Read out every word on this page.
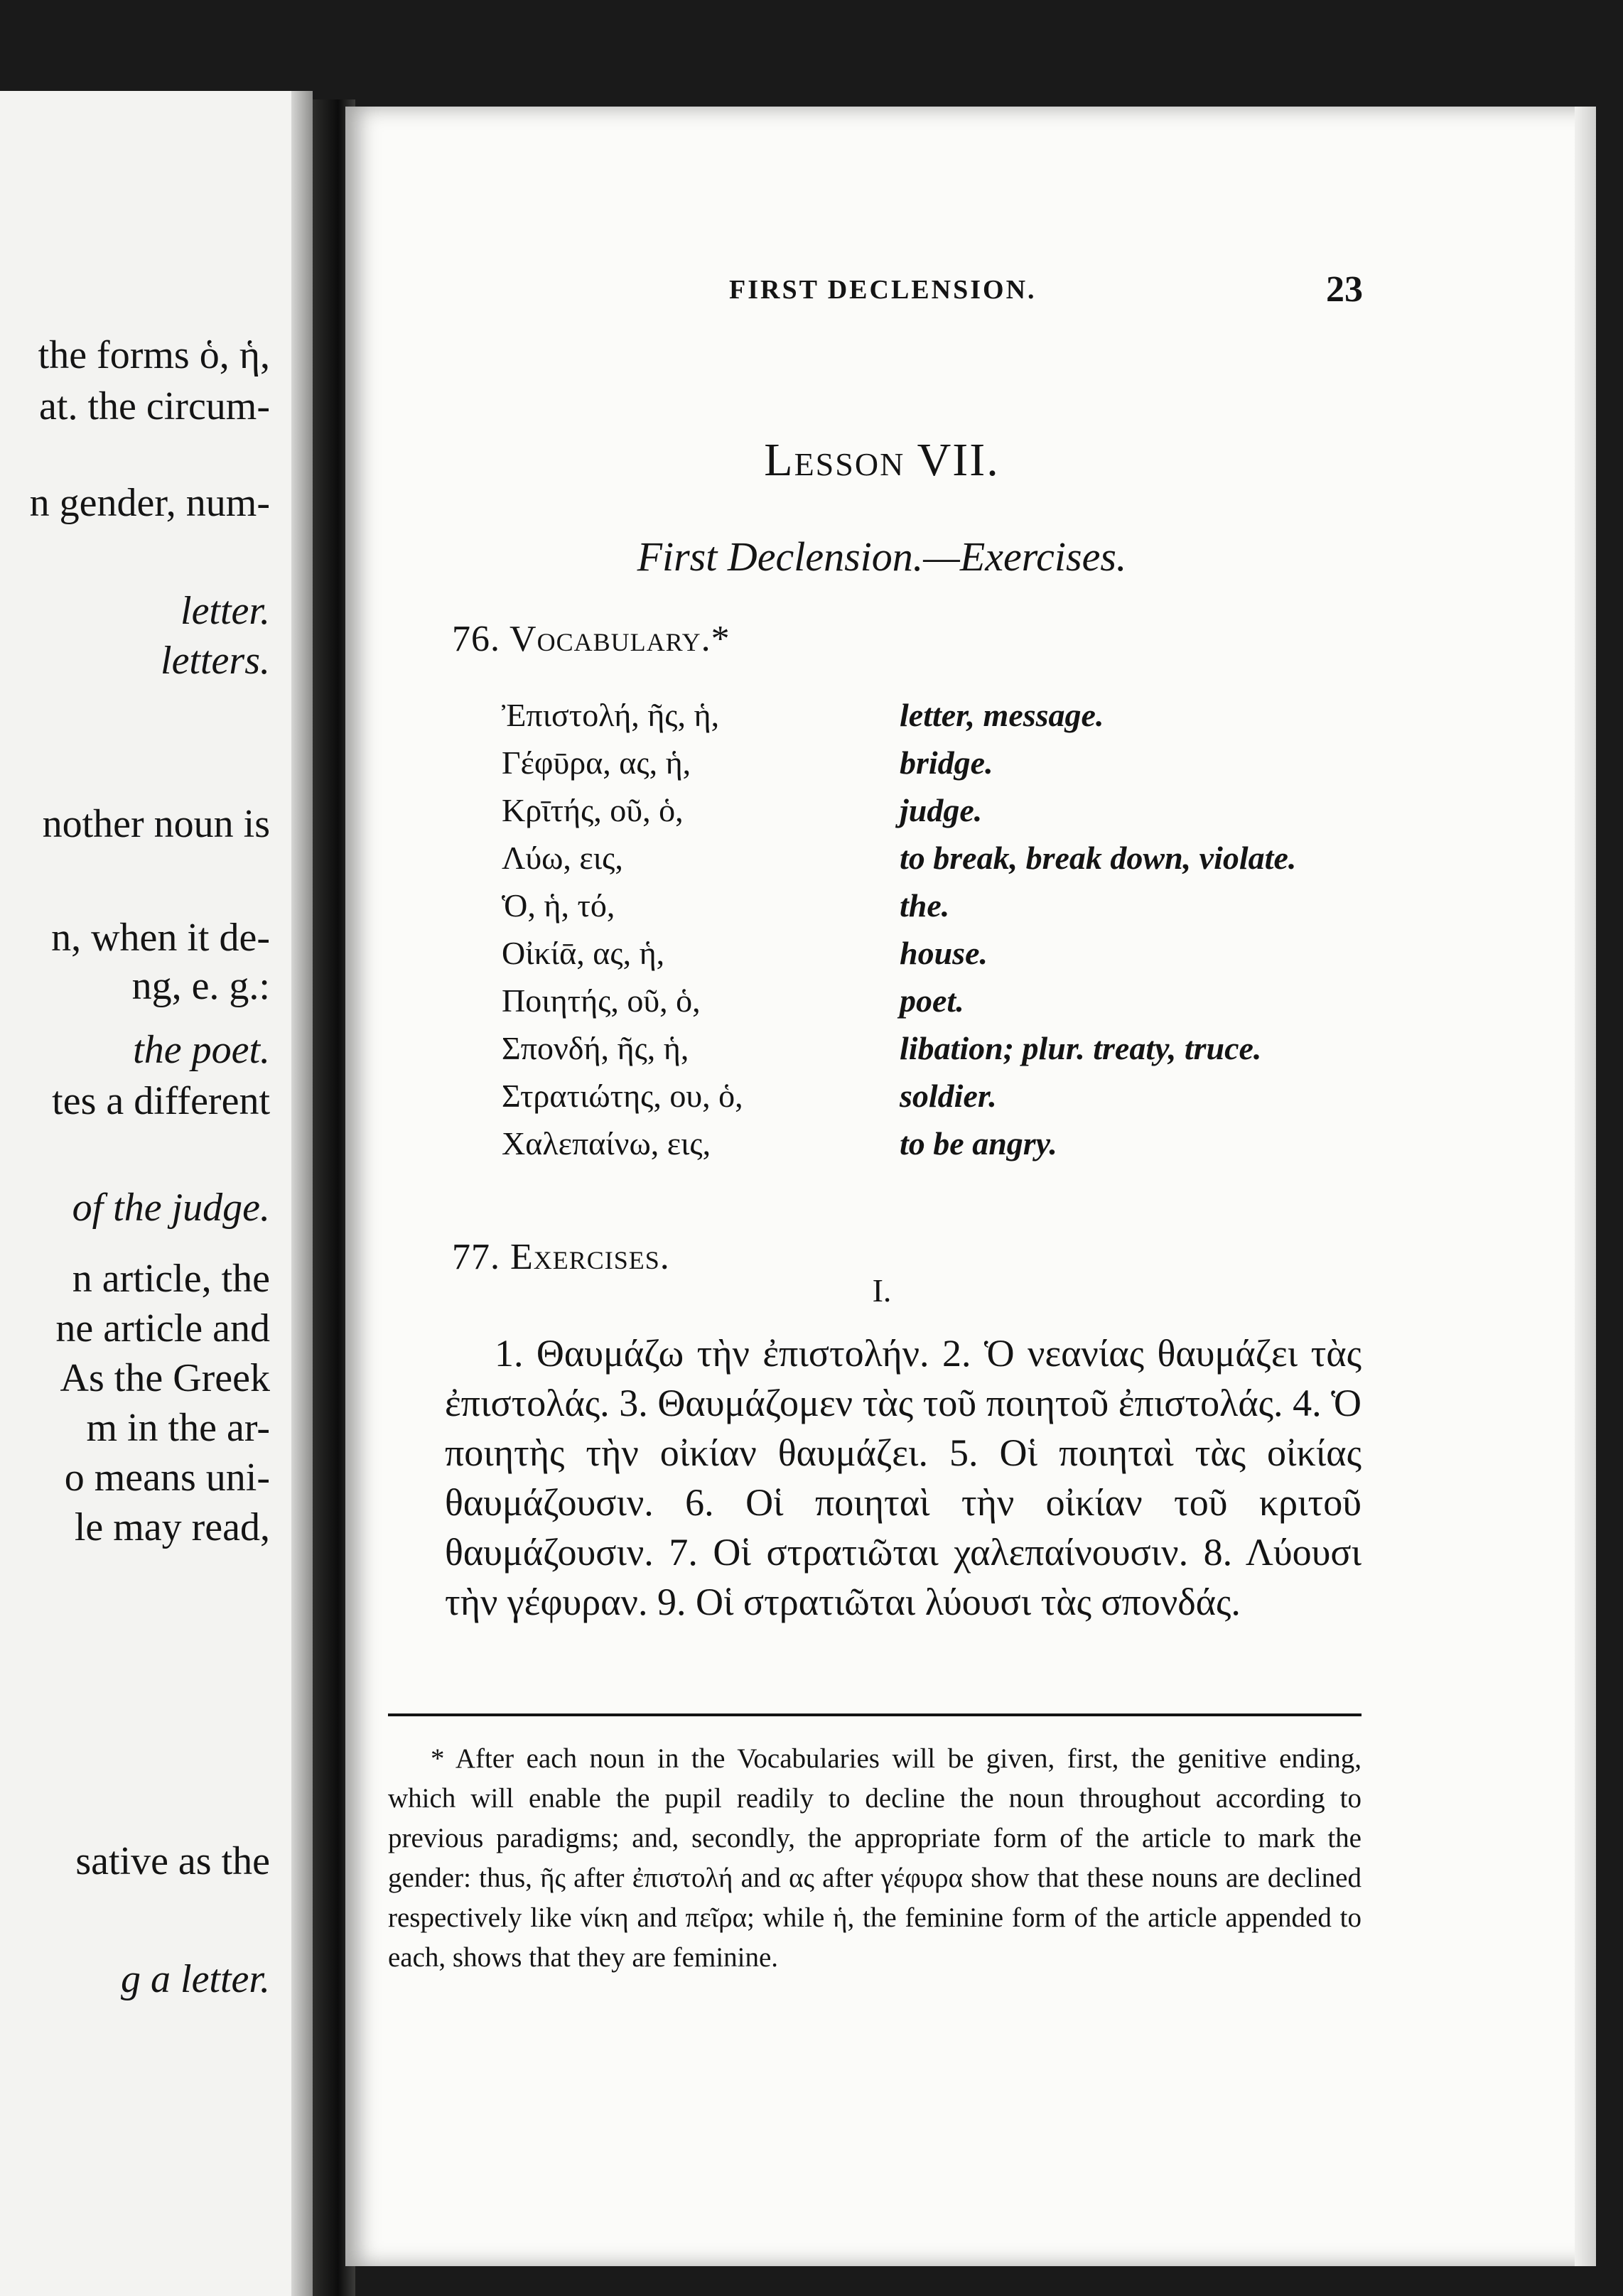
the forms ὁ, ἡ,
at. the circum-
n gender, num-
letter.
letters.
nother noun is
n, when it de-
ng, e. g.:
the poet.
tes a different
of the judge.
n article, the
ne article and
As the Greek
m in the ar-
o means uni-
le may read,
sative as the
g a letter.
FIRST DECLENSION.	23
Lesson VII.
First Declension.—Exercises.
76. Vocabulary.*
Ἐπιστολή, ῆς, ἡ,	letter, message.
Γέφῡρα, ας, ἡ,	bridge.
Κρῑτής, οῦ, ὁ,	judge.
Λύω, εις,	to break, break down, violate.
Ὁ, ἡ, τό,	the.
Οἰκίᾱ, ας, ἡ,	house.
Ποιητής, οῦ, ὁ,	poet.
Σπονδή, ῆς, ἡ,	libation; plur. treaty, truce.
Στρατιώτης, ου, ὁ,	soldier.
Χαλεπαίνω, εις,	to be angry.
77. Exercises.
I.
1. Θαυμάζω τὴν ἐπιστολήν. 2. Ὁ νεανίας θαυμάζει τὰς ἐπιστολάς. 3. Θαυμάζομεν τὰς τοῦ ποιητοῦ ἐπιστολάς. 4. Ὁ ποιητὴς τὴν οἰκίαν θαυμάζει. 5. Οἱ ποιηταὶ τὰς οἰκίας θαυμάζουσιν. 6. Οἱ ποιηταὶ τὴν οἰκίαν τοῦ κριτοῦ θαυμάζουσιν. 7. Οἱ στρατιῶται χαλεπαίνουσιν. 8. Λύουσι τὴν γέφυραν. 9. Οἱ στρατιῶται λύουσι τὰς σπονδάς.
* After each noun in the Vocabularies will be given, first, the genitive ending, which will enable the pupil readily to decline the noun throughout according to previous paradigms; and, secondly, the appropriate form of the article to mark the gender: thus, ῆς after ἐπιστολή and ας after γέφυρα show that these nouns are declined respectively like νίκη and πεῖρα; while ἡ, the feminine form of the article appended to each, shows that they are feminine.
